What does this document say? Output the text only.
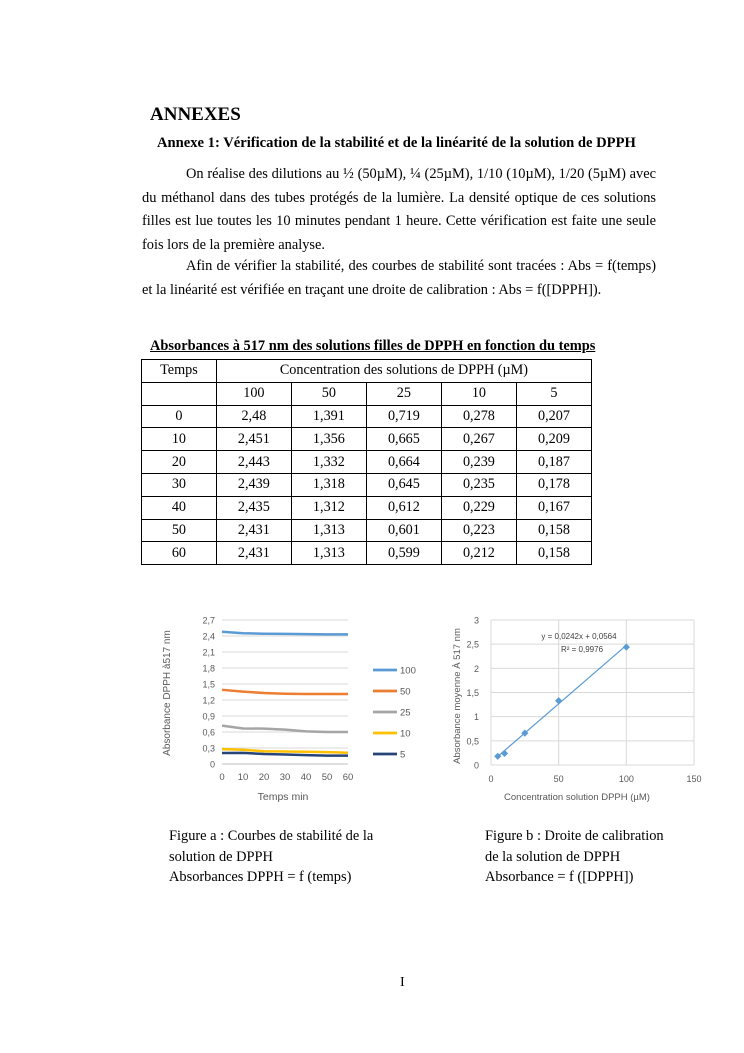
ANNEXES
Annexe 1: Vérification de la stabilité et de la linéarité de la solution de DPPH
On réalise des dilutions au ½ (50µM), ¼ (25µM), 1/10 (10µM), 1/20 (5µM) avec du méthanol dans des tubes protégés de la lumière. La densité optique de ces solutions filles est lue toutes les 10 minutes pendant 1 heure. Cette vérification est faite une seule fois lors de la première analyse.
Afin de vérifier la stabilité, des courbes de stabilité sont tracées : Abs = f(temps) et la linéarité est vérifiée en traçant une droite de calibration : Abs = f([DPPH]).
Absorbances à 517 nm des solutions filles de DPPH en fonction du temps
Temps	Concentration des solutions de DPPH (µM)				
	100	50	25	10	5
0	2,48	1,391	0,719	0,278	0,207
10	2,451	1,356	0,665	0,267	0,209
20	2,443	1,332	0,664	0,239	0,187
30	2,439	1,318	0,645	0,235	0,178
40	2,435	1,312	0,612	0,229	0,167
50	2,431	1,313	0,601	0,223	0,158
60	2,431	1,313	0,599	0,212	0,158
0
0,3
0,6
0,9
1,2
1,5
1,8
2,1
2,4
2,7
0 10 20 30 40 50 60
100
50
25
10
5
Temps min
Absorbance DPPH à517 nm
0
0,5
1
1,5
2
2,5
3
0	50	100	150
y = 0,0242x + 0,0564
R² = 0,9976
Concentration solution DPPH (µM)
Absorbance moyenne À 517 nm
Figure a : Courbes de stabilité de la
solution de DPPH
Absorbances DPPH = f (temps)
Figure b : Droite de calibration
de la solution de DPPH
Absorbance = f ([DPPH])
I
